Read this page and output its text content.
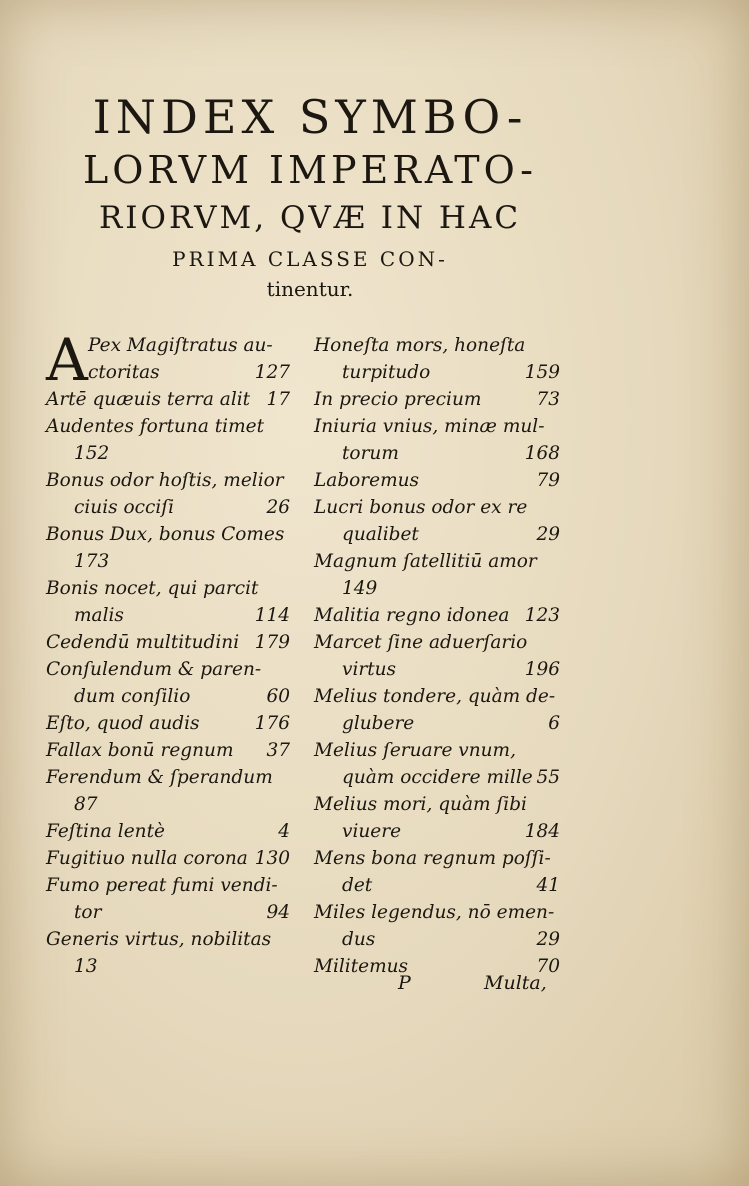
INDEX SYMBO-
LORVM IMPERATO-
RIORVM, QVÆ IN HAC
PRIMA CLASSE CON-
tinentur.
A Pex Magiſtratus au-
ctoritas	127
Artē quæuis terra alit 17
Audentes fortuna timet
152
Bonus odor hoſtis, melior
ciuis occiſi	26
Bonus Dux, bonus Comes
173
Bonis nocet, qui parcit
malis	114
Cedendū multitudini 179
Conſulendum & paren-
dum conſilio	60
Eſto, quod audis	176
Fallax bonū regnum 37
Ferendum & ſperandum
87
Feſtina lentè	4
Fugitiuo nulla corona 130
Fumo pereat fumi vendi-
tor	94
Generis virtus, nobilitas
13
Honeſta mors, honeſta
turpitudo	159
In precio precium	73
Iniuria vnius, minæ mul-
torum	168
Laboremus	79
Lucri bonus odor ex re
qualibet	29
Magnum ſatellitiū amor
149
Malitia regno idonea 123
Marcet ſine aduerſario
virtus	196
Melius tondere, quàm de-
glubere	6
Melius ſeruare vnum,
quàm occidere mille 55
Melius mori, quàm ſibi
viuere	184
Mens bona regnum poſſi-
det	41
Miles legendus, nō emen-
dus	29
Militemus	70
P	Multa,
